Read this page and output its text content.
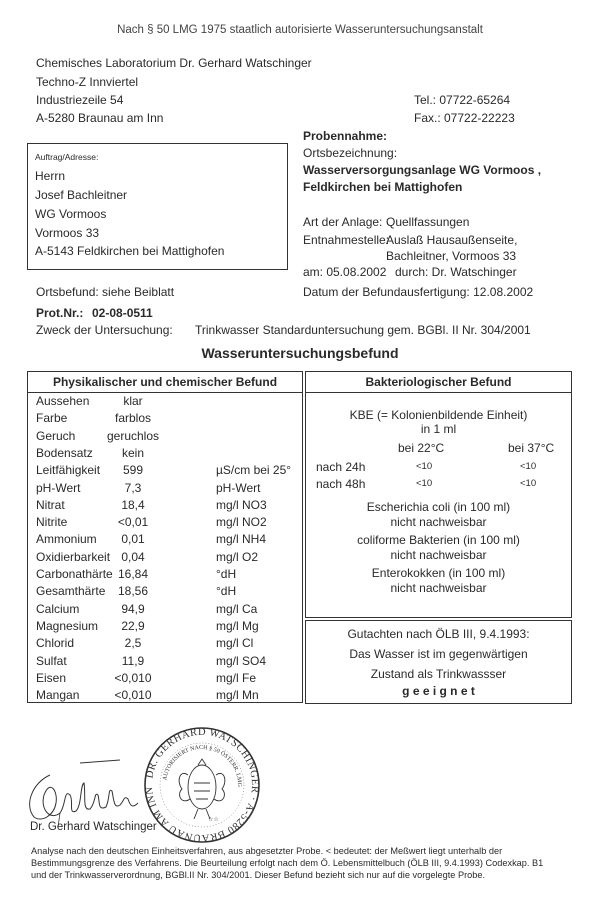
Nach § 50 LMG 1975 staatlich autorisierte Wasseruntersuchungsanstalt
Chemisches Laboratorium Dr. Gerhard Watschinger
Techno-Z Innviertel
Industriezeile 54
A-5280 Braunau am Inn
Tel.: 07722-65264
Fax.: 07722-22223
Auftrag/Adresse:
Herrn
Josef Bachleitner
WG Vormoos
Vormoos 33
A-5143 Feldkirchen bei Mattighofen
Probennahme:
Ortsbezeichnung:
Wasserversorgungsanlage WG Vormoos ,
Feldkirchen bei Mattighofen
Art der Anlage: Quellfassungen
Entnahmestelle:
Auslaß Hausaußenseite,
Bachleitner, Vormoos 33
am: 05.08.2002 durch: Dr. Watschinger
Datum der Befundausfertigung: 12.08.2002
Ortsbefund: siehe Beiblatt
Prot.Nr.: 02-08-0511
Zweck der Untersuchung: Trinkwasser Standarduntersuchung gem. BGBl. II Nr. 304/2001
Wasseruntersuchungsbefund
Physikalischer und chemischer Befund
Aussehen	klar
Farbe	farblos
Geruch	geruchlos
Bodensatz	kein
Leitfähigkeit	599	µS/cm bei 25°
pH-Wert	7,3	pH-Wert
Nitrat	18,4	mg/l NO3
Nitrite	<0,01	mg/l NO2
Ammonium	0,01	mg/l NH4
Oxidierbarkeit 0,04	mg/l O2
Carbonathärte 16,84	°dH
Gesamthärte	18,56	°dH
Calcium	94,9	mg/l Ca
Magnesium	22,9	mg/l Mg
Chlorid	2,5	mg/l Cl
Sulfat	11,9	mg/l SO4
Eisen	<0,010	mg/l Fe
Mangan	<0,010	mg/l Mn
Bakteriologischer Befund
KBE (= Kolonienbildende Einheit)
in 1 ml
bei 22°C	bei 37°C
nach 24h	<10	<10
nach 48h	<10	<10
Escherichia coli (in 100 ml)
nicht nachweisbar
coliforme Bakterien (in 100 ml)
nicht nachweisbar
Enterokokken (in 100 ml)
nicht nachweisbar
Gutachten nach ÖLB III, 9.4.1993:
Das Wasser ist im gegenwärtigen
Zustand als Trinkwassser
g e e i g n e t
Dr. Gerhard Watschinger
DR. GERHARD WATSCHINGER · A-5280 BRAUNAU AM INN
AUTORISIERT NACH § 50 ÖSTERR. LMG
☆☆
Analyse nach den deutschen Einheitsverfahren, aus abgesetzter Probe. < bedeutet: der Meßwert liegt unterhalb der
Bestimmungsgrenze des Verfahrens. Die Beurteilung erfolgt nach dem Ö. Lebensmittelbuch (ÖLB III, 9.4.1993) Codexkap. B1
und der Trinkwasserverordnung, BGBl.II Nr. 304/2001. Dieser Befund bezieht sich nur auf die vorgelegte Probe.
